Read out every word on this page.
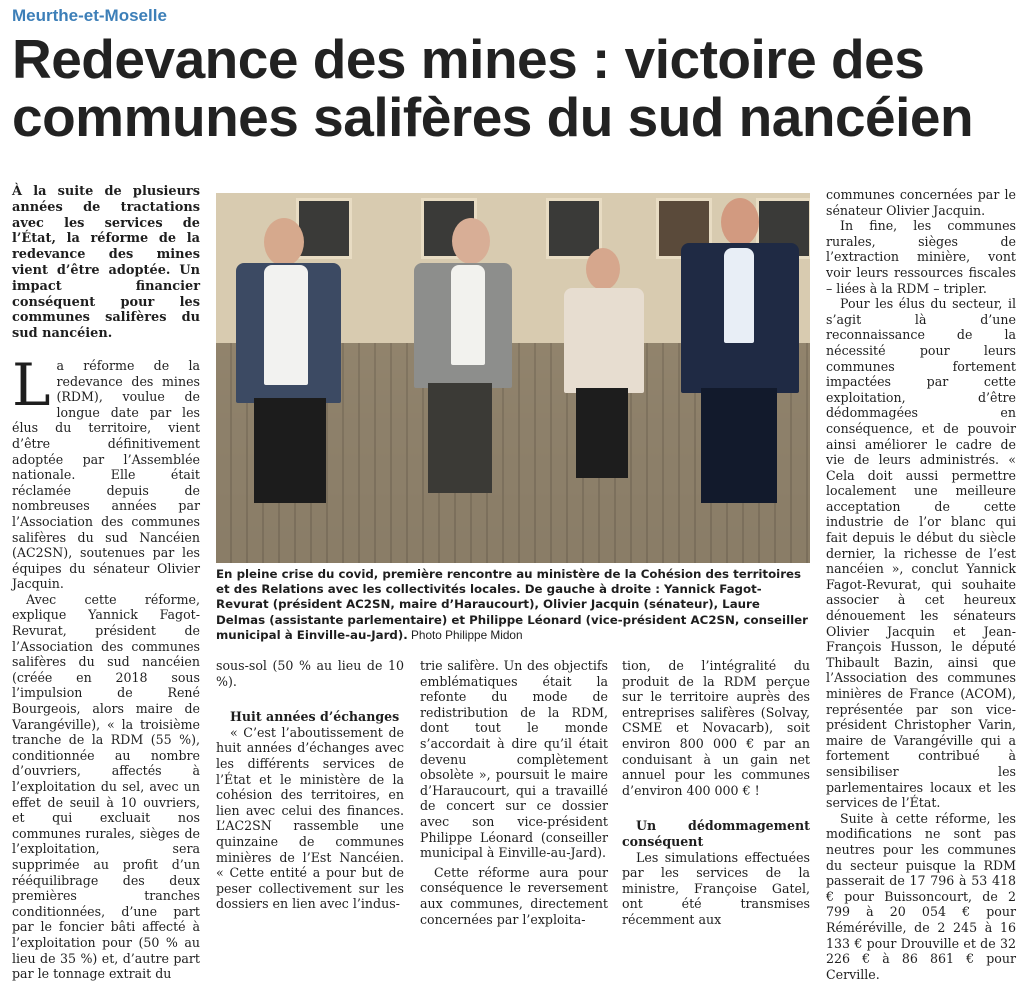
Meurthe-et-Moselle
Redevance des mines : victoire des communes salifères du sud nancéien

À la suite de plusieurs années de tractations avec les services de l’État, la réforme de la redevance des mines vient d’être adoptée. Un impact financier conséquent pour les communes salifères du sud nancéien.

La réforme de la redevance des mines (RDM), voulue de longue date par les élus du territoire, vient d’être définitivement adoptée par l’Assemblée nationale. Elle était réclamée depuis de nombreuses années par l’Association des communes salifères du sud Nancéien (AC2SN), soutenues par les équipes du sénateur Olivier Jacquin.

Avec cette réforme, explique Yannick Fagot-Revurat, président de l’Association des communes salifères du sud nancéien (créée en 2018 sous l’impulsion de René Bourgeois, alors maire de Varangéville), « la troisième tranche de la RDM (55 %), conditionnée au nombre d’ouvriers, affectés à l’exploitation du sel, avec un effet de seuil à 10 ouvriers, et qui excluait nos communes rurales, sièges de l’exploitation, sera supprimée au profit d’un rééquilibrage des deux premières tranches conditionnées, d’une part par le foncier bâti affecté à l’exploitation pour (50 % au lieu de 35 %) et, d’autre part par le tonnage extrait du

En pleine crise du covid, première rencontre au ministère de la Cohésion des territoires et des Relations avec les collectivités locales. De gauche à droite : Yannick Fagot-Revurat (président AC2SN, maire d’Haraucourt), Olivier Jacquin (sénateur), Laure Delmas (assistante parlementaire) et Philippe Léonard (vice-président AC2SN, conseiller municipal à Einville-au-Jard). Photo Philippe Midon

sous-sol (50 % au lieu de 10 %).

Huit années d’échanges

« C’est l’aboutissement de huit années d’échanges avec les différents services de l’État et le ministère de la cohésion des territoires, en lien avec celui des finances. L’AC2SN rassemble une quinzaine de communes minières de l’Est Nancéien. « Cette entité a pour but de peser collectivement sur les dossiers en lien avec l’indus-

trie salifère. Un des objectifs emblématiques était la refonte du mode de redistribution de la RDM, dont tout le monde s’accordait à dire qu’il était devenu complètement obsolète », poursuit le maire d’Haraucourt, qui a travaillé de concert sur ce dossier avec son vice-président Philippe Léonard (conseiller municipal à Einville-au-Jard).

Cette réforme aura pour conséquence le reversement aux communes, directement concernées par l’exploita-

tion, de l’intégralité du produit de la RDM perçue sur le territoire auprès des entreprises salifères (Solvay, CSME et Novacarb), soit environ 800 000 € par an conduisant à un gain net annuel pour les communes d’environ 400 000 € !

Un dédommagement conséquent

Les simulations effectuées par les services de la ministre, Françoise Gatel, ont été transmises récemment aux

communes concernées par le sénateur Olivier Jacquin.

In fine, les communes rurales, sièges de l’extraction minière, vont voir leurs ressources fiscales – liées à la RDM – tripler.

Pour les élus du secteur, il s’agit là d’une reconnaissance de la nécessité pour leurs communes fortement impactées par cette exploitation, d’être dédommagées en conséquence, et de pouvoir ainsi améliorer le cadre de vie de leurs administrés. « Cela doit aussi permettre localement une meilleure acceptation de cette industrie de l’or blanc qui fait depuis le début du siècle dernier, la richesse de l’est nancéien », conclut Yannick Fagot-Revurat, qui souhaite associer à cet heureux dénouement les sénateurs Olivier Jacquin et Jean-François Husson, le député Thibault Bazin, ainsi que l’Association des communes minières de France (ACOM), représentée par son vice-président Christopher Varin, maire de Varangéville qui a fortement contribué à sensibiliser les parlementaires locaux et les services de l’État.

Suite à cette réforme, les modifications ne sont pas neutres pour les communes du secteur puisque la RDM passerait de 17 796 à 53 418 € pour Buissoncourt, de 2 799 à 20 054 € pour Réméréville, de 2 245 à 16 133 € pour Drouville et de 32 226 € à 86 861 € pour Cerville.
